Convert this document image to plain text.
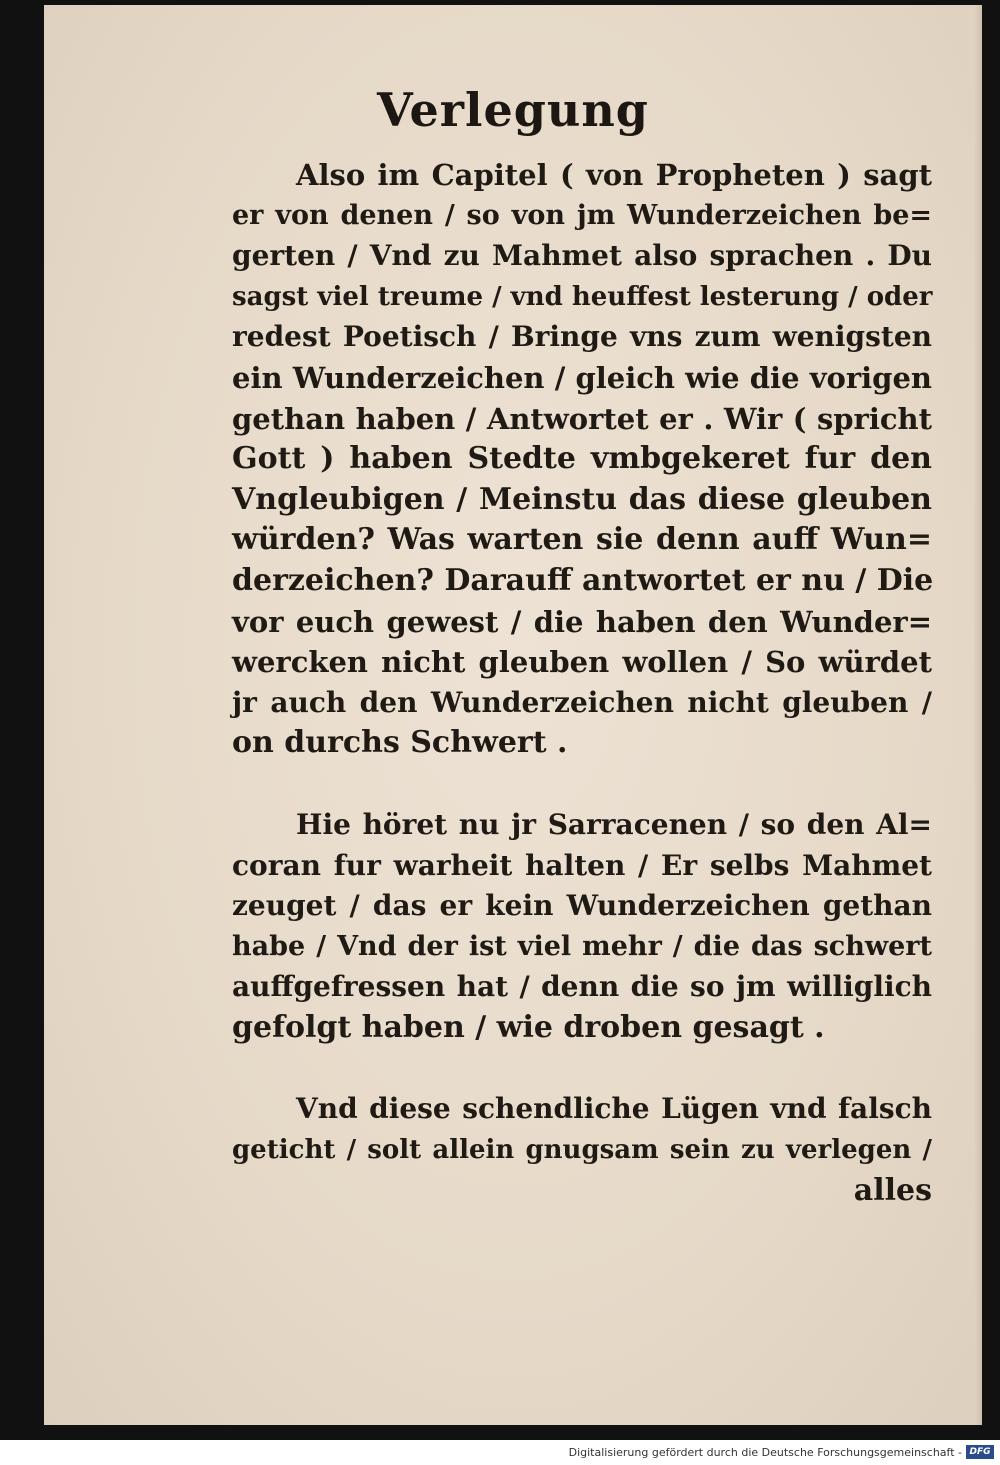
Verlegung
Also im Capitel ( von Propheten ) sagt
er von denen / so von jm Wunderzeichen be=
gerten / Vnd zu Mahmet also sprachen . Du
sagst viel treume / vnd heuffest lesterung / oder
redest Poetisch / Bringe vns zum wenigsten
ein Wunderzeichen / gleich wie die vorigen
gethan haben / Antwortet er . Wir ( spricht
Gott ) haben Stedte vmbgekeret fur den
Vngleubigen / Meinstu das diese gleuben
würden? Was warten sie denn auff Wun=
derzeichen? Darauff antwortet er nu / Die
vor euch gewest / die haben den Wunder=
wercken nicht gleuben wollen / So würdet
jr auch den Wunderzeichen nicht gleuben /
on durchs Schwert .
Hie höret nu jr Sarracenen / so den Al=
coran fur warheit halten / Er selbs Mahmet
zeuget / das er kein Wunderzeichen gethan
habe / Vnd der ist viel mehr / die das schwert
auffgefressen hat / denn die so jm williglich
gefolgt haben / wie droben gesagt .
Vnd diese schendliche Lügen vnd falsch
geticht / solt allein gnugsam sein zu verlegen /
alles
Digitalisierung gefördert durch die Deutsche Forschungsgemeinschaft - DFG
